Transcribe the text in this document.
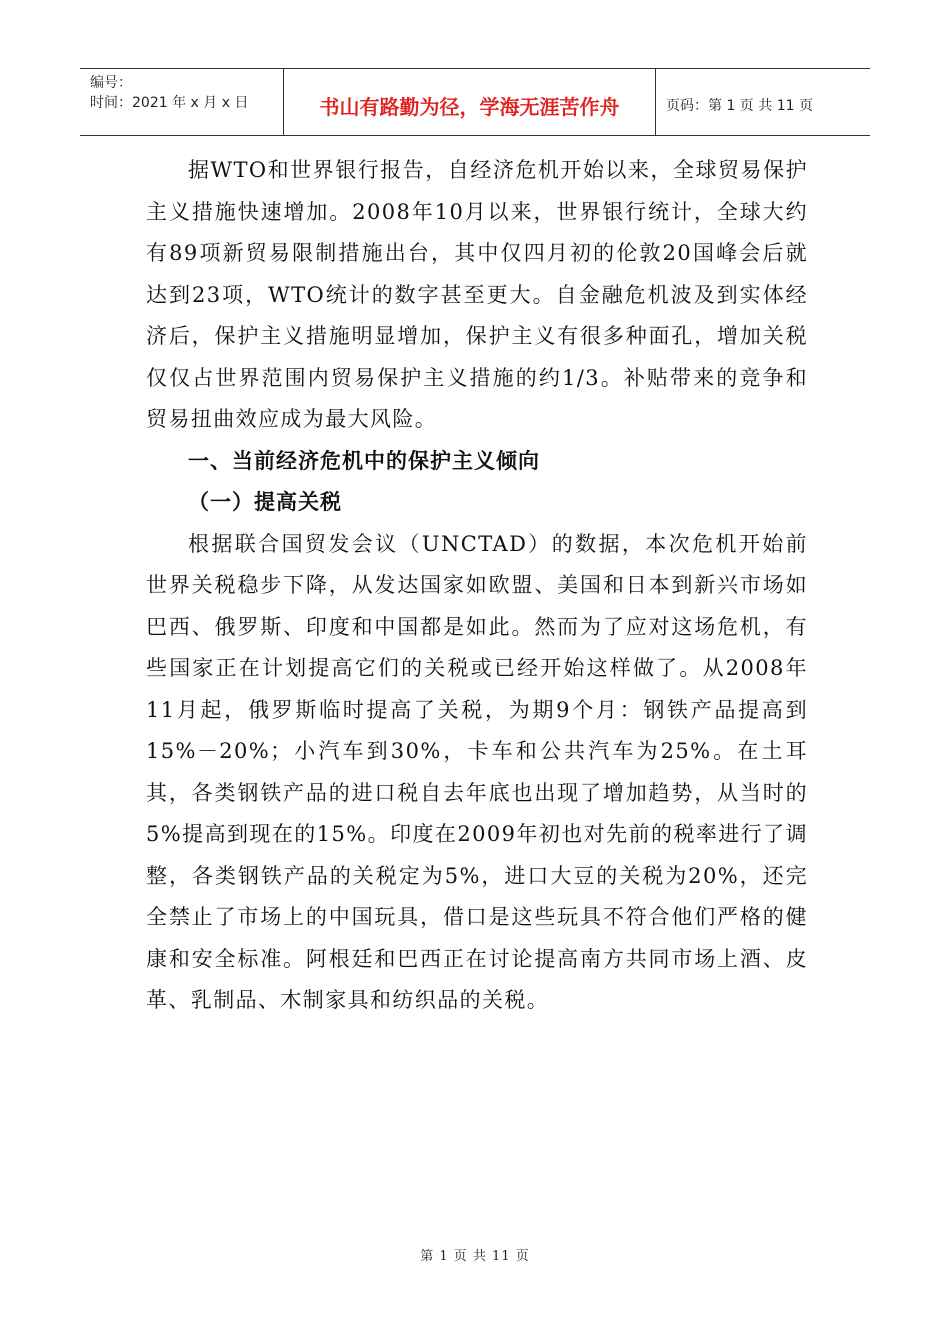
编号：
时间：2021 年 x 月 x 日	书山有路勤为径，学海无涯苦作舟	页码：第 1 页 共 11 页

据WTO和世界银行报告，自经济危机开始以来，全球贸易保护主义措施快速增加。2008年10月以来，世界银行统计，全球大约有89项新贸易限制措施出台，其中仅四月初的伦敦20国峰会后就达到23项，WTO统计的数字甚至更大。自金融危机波及到实体经济后，保护主义措施明显增加，保护主义有很多种面孔，增加关税仅仅占世界范围内贸易保护主义措施的约1/3。补贴带来的竞争和贸易扭曲效应成为最大风险。

一、当前经济危机中的保护主义倾向

（一）提高关税

根据联合国贸发会议（UNCTAD）的数据，本次危机开始前世界关税稳步下降，从发达国家如欧盟、美国和日本到新兴市场如巴西、俄罗斯、印度和中国都是如此。然而为了应对这场危机，有些国家正在计划提高它们的关税或已经开始这样做了。从2008年11月起，俄罗斯临时提高了关税，为期9个月：钢铁产品提高到15%－20%；小汽车到30%，卡车和公共汽车为25%。在土耳其，各类钢铁产品的进口税自去年底也出现了增加趋势，从当时的5%提高到现在的15%。印度在2009年初也对先前的税率进行了调整，各类钢铁产品的关税定为5%，进口大豆的关税为20%，还完全禁止了市场上的中国玩具，借口是这些玩具不符合他们严格的健康和安全标准。阿根廷和巴西正在讨论提高南方共同市场上酒、皮革、乳制品、木制家具和纺织品的关税。

第 1 页 共 11 页
